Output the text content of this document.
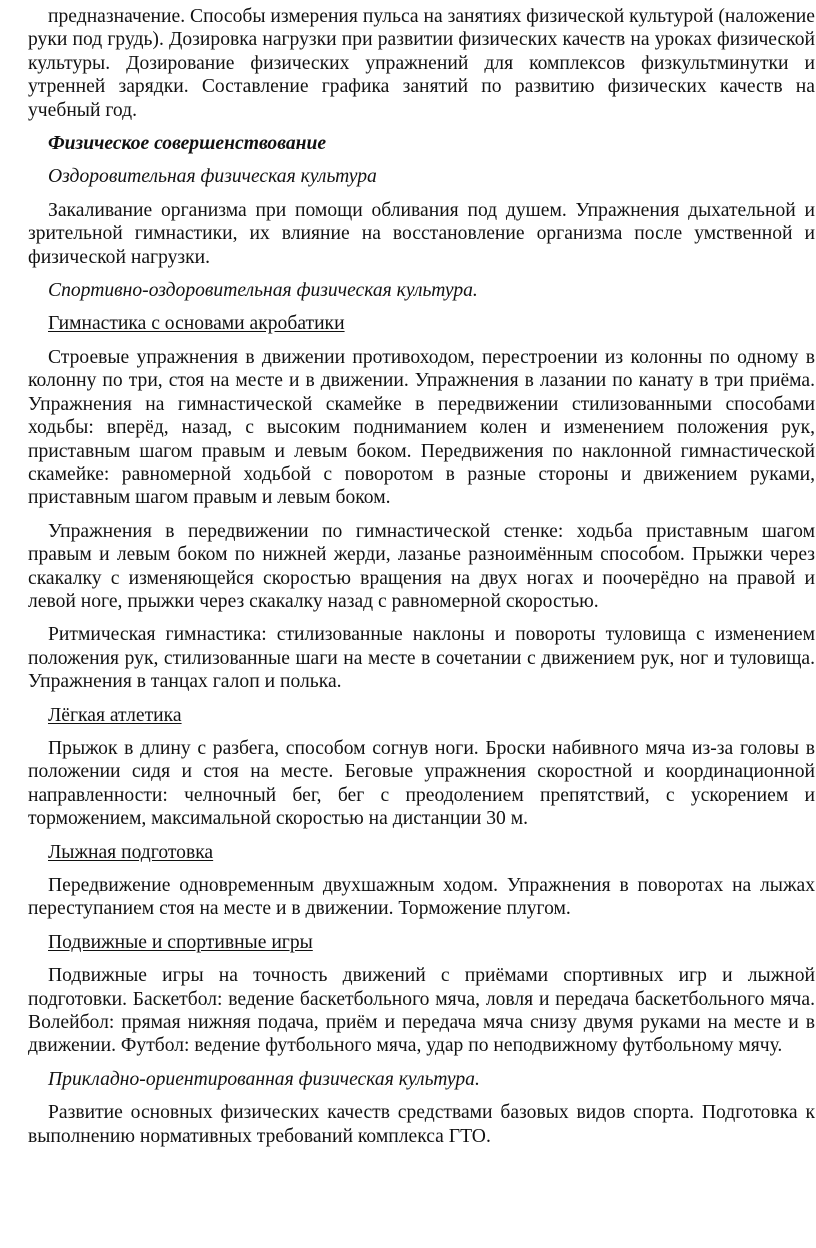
предназначение. Способы измерения пульса на занятиях физической культурой (наложение руки под грудь). Дозировка нагрузки при развитии физических качеств на уроках физической культуры. Дозирование физических упражнений для комплексов физкультминутки и утренней зарядки. Составление графика занятий по развитию физических качеств на учебный год.

Физическое совершенствование

Оздоровительная физическая культура

Закаливание организма при помощи обливания под душем. Упражнения дыхательной и зрительной гимнастики, их влияние на восстановление организма после умственной и физической нагрузки.

Спортивно-оздоровительная физическая культура.

Гимнастика с основами акробатики

Строевые упражнения в движении противоходом, перестроении из колонны по одному в колонну по три, стоя на месте и в движении. Упражнения в лазании по канату в три приёма. Упражнения на гимнастической скамейке в передвижении стилизованными способами ходьбы: вперёд, назад, с высоким подниманием колен и изменением положения рук, приставным шагом правым и левым боком. Передвижения по наклонной гимнастической скамейке: равномерной ходьбой с поворотом в разные стороны и движением руками, приставным шагом правым и левым боком.

Упражнения в передвижении по гимнастической стенке: ходьба приставным шагом правым и левым боком по нижней жерди, лазанье разноимённым способом. Прыжки через скакалку с изменяющейся скоростью вращения на двух ногах и поочерёдно на правой и левой ноге, прыжки через скакалку назад с равномерной скоростью.

Ритмическая гимнастика: стилизованные наклоны и повороты туловища с изменением положения рук, стилизованные шаги на месте в сочетании с движением рук, ног и туловища. Упражнения в танцах галоп и полька.

Лёгкая атлетика

Прыжок в длину с разбега, способом согнув ноги. Броски набивного мяча из-за головы в положении сидя и стоя на месте. Беговые упражнения скоростной и координационной направленности: челночный бег, бег с преодолением препятствий, с ускорением и торможением, максимальной скоростью на дистанции 30 м.

Лыжная подготовка

Передвижение одновременным двухшажным ходом. Упражнения в поворотах на лыжах переступанием стоя на месте и в движении. Торможение плугом.

Подвижные и спортивные игры

Подвижные игры на точность движений с приёмами спортивных игр и лыжной подготовки. Баскетбол: ведение баскетбольного мяча, ловля и передача баскетбольного мяча. Волейбол: прямая нижняя подача, приём и передача мяча снизу двумя руками на месте и в движении. Футбол: ведение футбольного мяча, удар по неподвижному футбольному мячу.

Прикладно-ориентированная физическая культура.

Развитие основных физических качеств средствами базовых видов спорта. Подготовка к выполнению нормативных требований комплекса ГТО.
